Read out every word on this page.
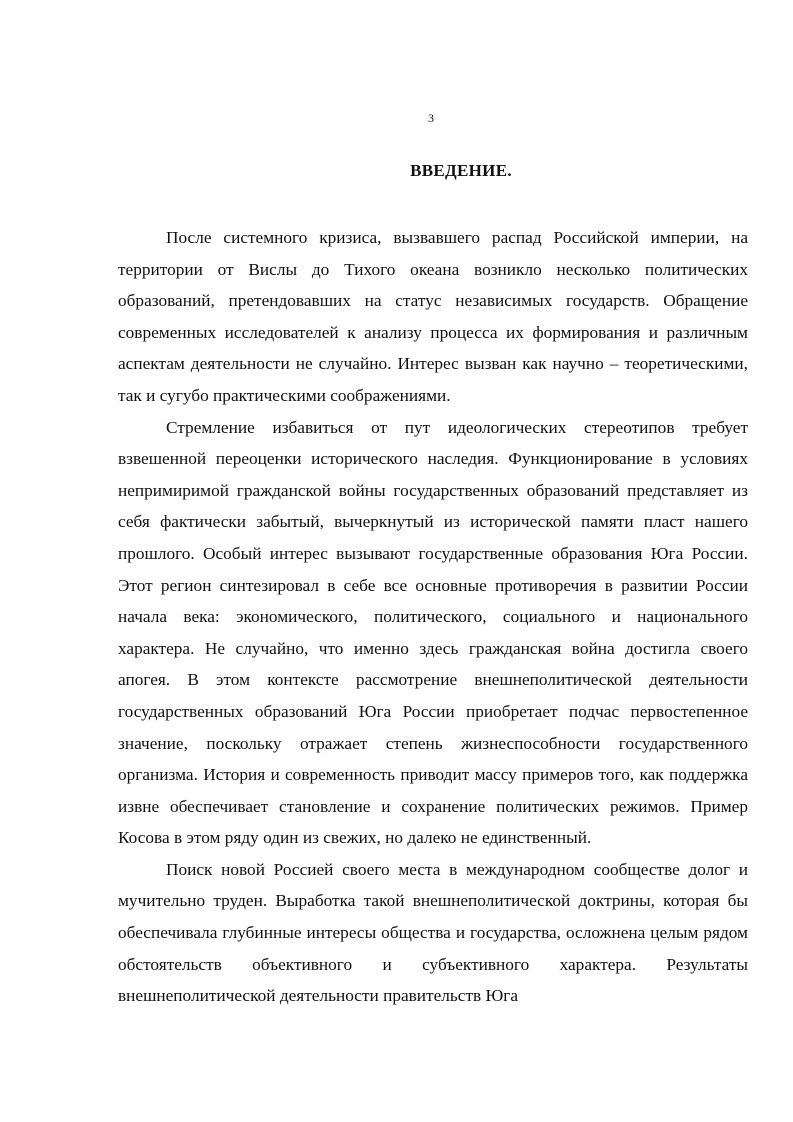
3
ВВЕДЕНИЕ.

После системного кризиса, вызвавшего распад Российской империи, на территории от Вислы до Тихого океана возникло несколько политических образований, претендовавших на статус независимых государств. Обращение современных исследователей к анализу процесса их формирования и различным аспектам деятельности не случайно. Интерес вызван как научно – теоретическими, так и сугубо практическими соображениями.

Стремление избавиться от пут идеологических стереотипов требует взвешенной переоценки исторического наследия. Функционирование в условиях непримиримой гражданской войны государственных образований представляет из себя фактически забытый, вычеркнутый из исторической памяти пласт нашего прошлого. Особый интерес вызывают государственные образования Юга России. Этот регион синтезировал в себе все основные противоречия в развитии России начала века: экономического, политического, социального и национального характера. Не случайно, что именно здесь гражданская война достигла своего апогея. В этом контексте рассмотрение внешнеполитической деятельности государственных образований Юга России приобретает подчас первостепенное значение, поскольку отражает степень жизнеспособности государственного организма. История и современность приводит массу примеров того, как поддержка извне обеспечивает становление и сохранение политических режимов. Пример Косова в этом ряду один из свежих, но далеко не единственный.

Поиск новой Россией своего места в международном сообществе долог и мучительно труден. Выработка такой внешнеполитической доктрины, которая бы обеспечивала глубинные интересы общества и государства, осложнена целым рядом обстоятельств объективного и субъективного характера. Результаты внешнеполитической деятельности правительств Юга
